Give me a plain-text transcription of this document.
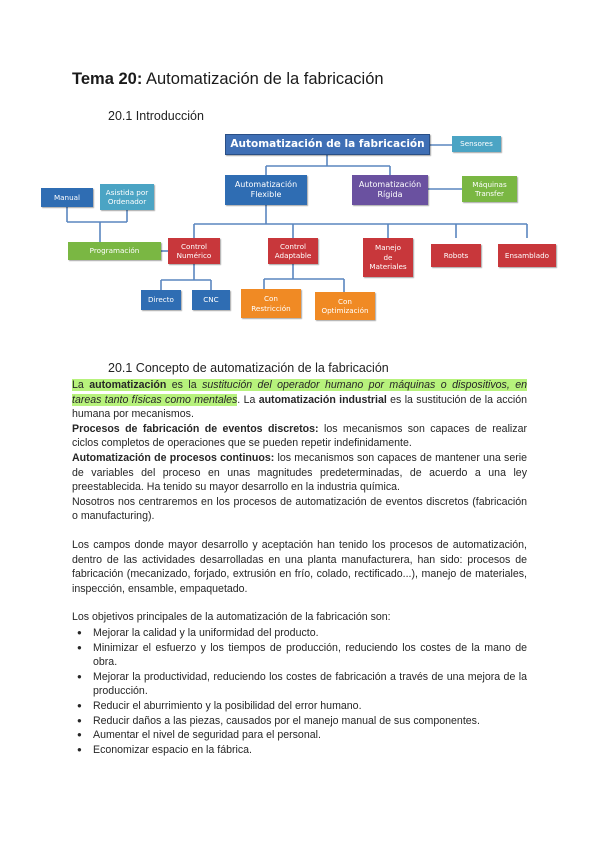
Tema 20: Automatización de la fabricación
20.1 Introducción
Automatización de la fabricación	Sensores
Automatización
Flexible
Automatización
Rígida
Máquinas
Transfer
Manual
Asistida por
Ordenador
Programación
Control
Numérico
Control
Adaptable
Manejo
de
Materiales
Robots	Ensamblado
Directo	CNC	Con
Restricción
Con
Optimización
20.1 Concepto de automatización de la fabricación

La automatización es la sustitución del operador humano por máquinas o dispositivos, en tareas tanto físicas como mentales. La automatización industrial es la sustitución de la acción humana por mecanismos.

Procesos de fabricación de eventos discretos: los mecanismos son capaces de realizar ciclos completos de operaciones que se pueden repetir indefinidamente.

Automatización de procesos continuos: los mecanismos son capaces de mantener una serie de variables del proceso en unas magnitudes predeterminadas, de acuerdo a una ley preestablecida. Ha tenido su mayor desarrollo en la industria química.

Nosotros nos centraremos en los procesos de automatización de eventos discretos (fabricación o manufacturing).

Los campos donde mayor desarrollo y aceptación han tenido los procesos de automatización, dentro de las actividades desarrolladas en una planta manufacturera, han sido: procesos de fabricación (mecanizado, forjado, extrusión en frío, colado, rectificado...), manejo de materiales, inspección, ensamble, empaquetado.

Los objetivos principales de la automatización de la fabricación son:

● Mejorar la calidad y la uniformidad del producto.
● Minimizar el esfuerzo y los tiempos de producción, reduciendo los costes de la mano de obra.
● Mejorar la productividad, reduciendo los costes de fabricación a través de una mejora de la producción.
● Reducir el aburrimiento y la posibilidad del error humano.
● Reducir daños a las piezas, causados por el manejo manual de sus componentes.
● Aumentar el nivel de seguridad para el personal.
● Economizar espacio en la fábrica.
